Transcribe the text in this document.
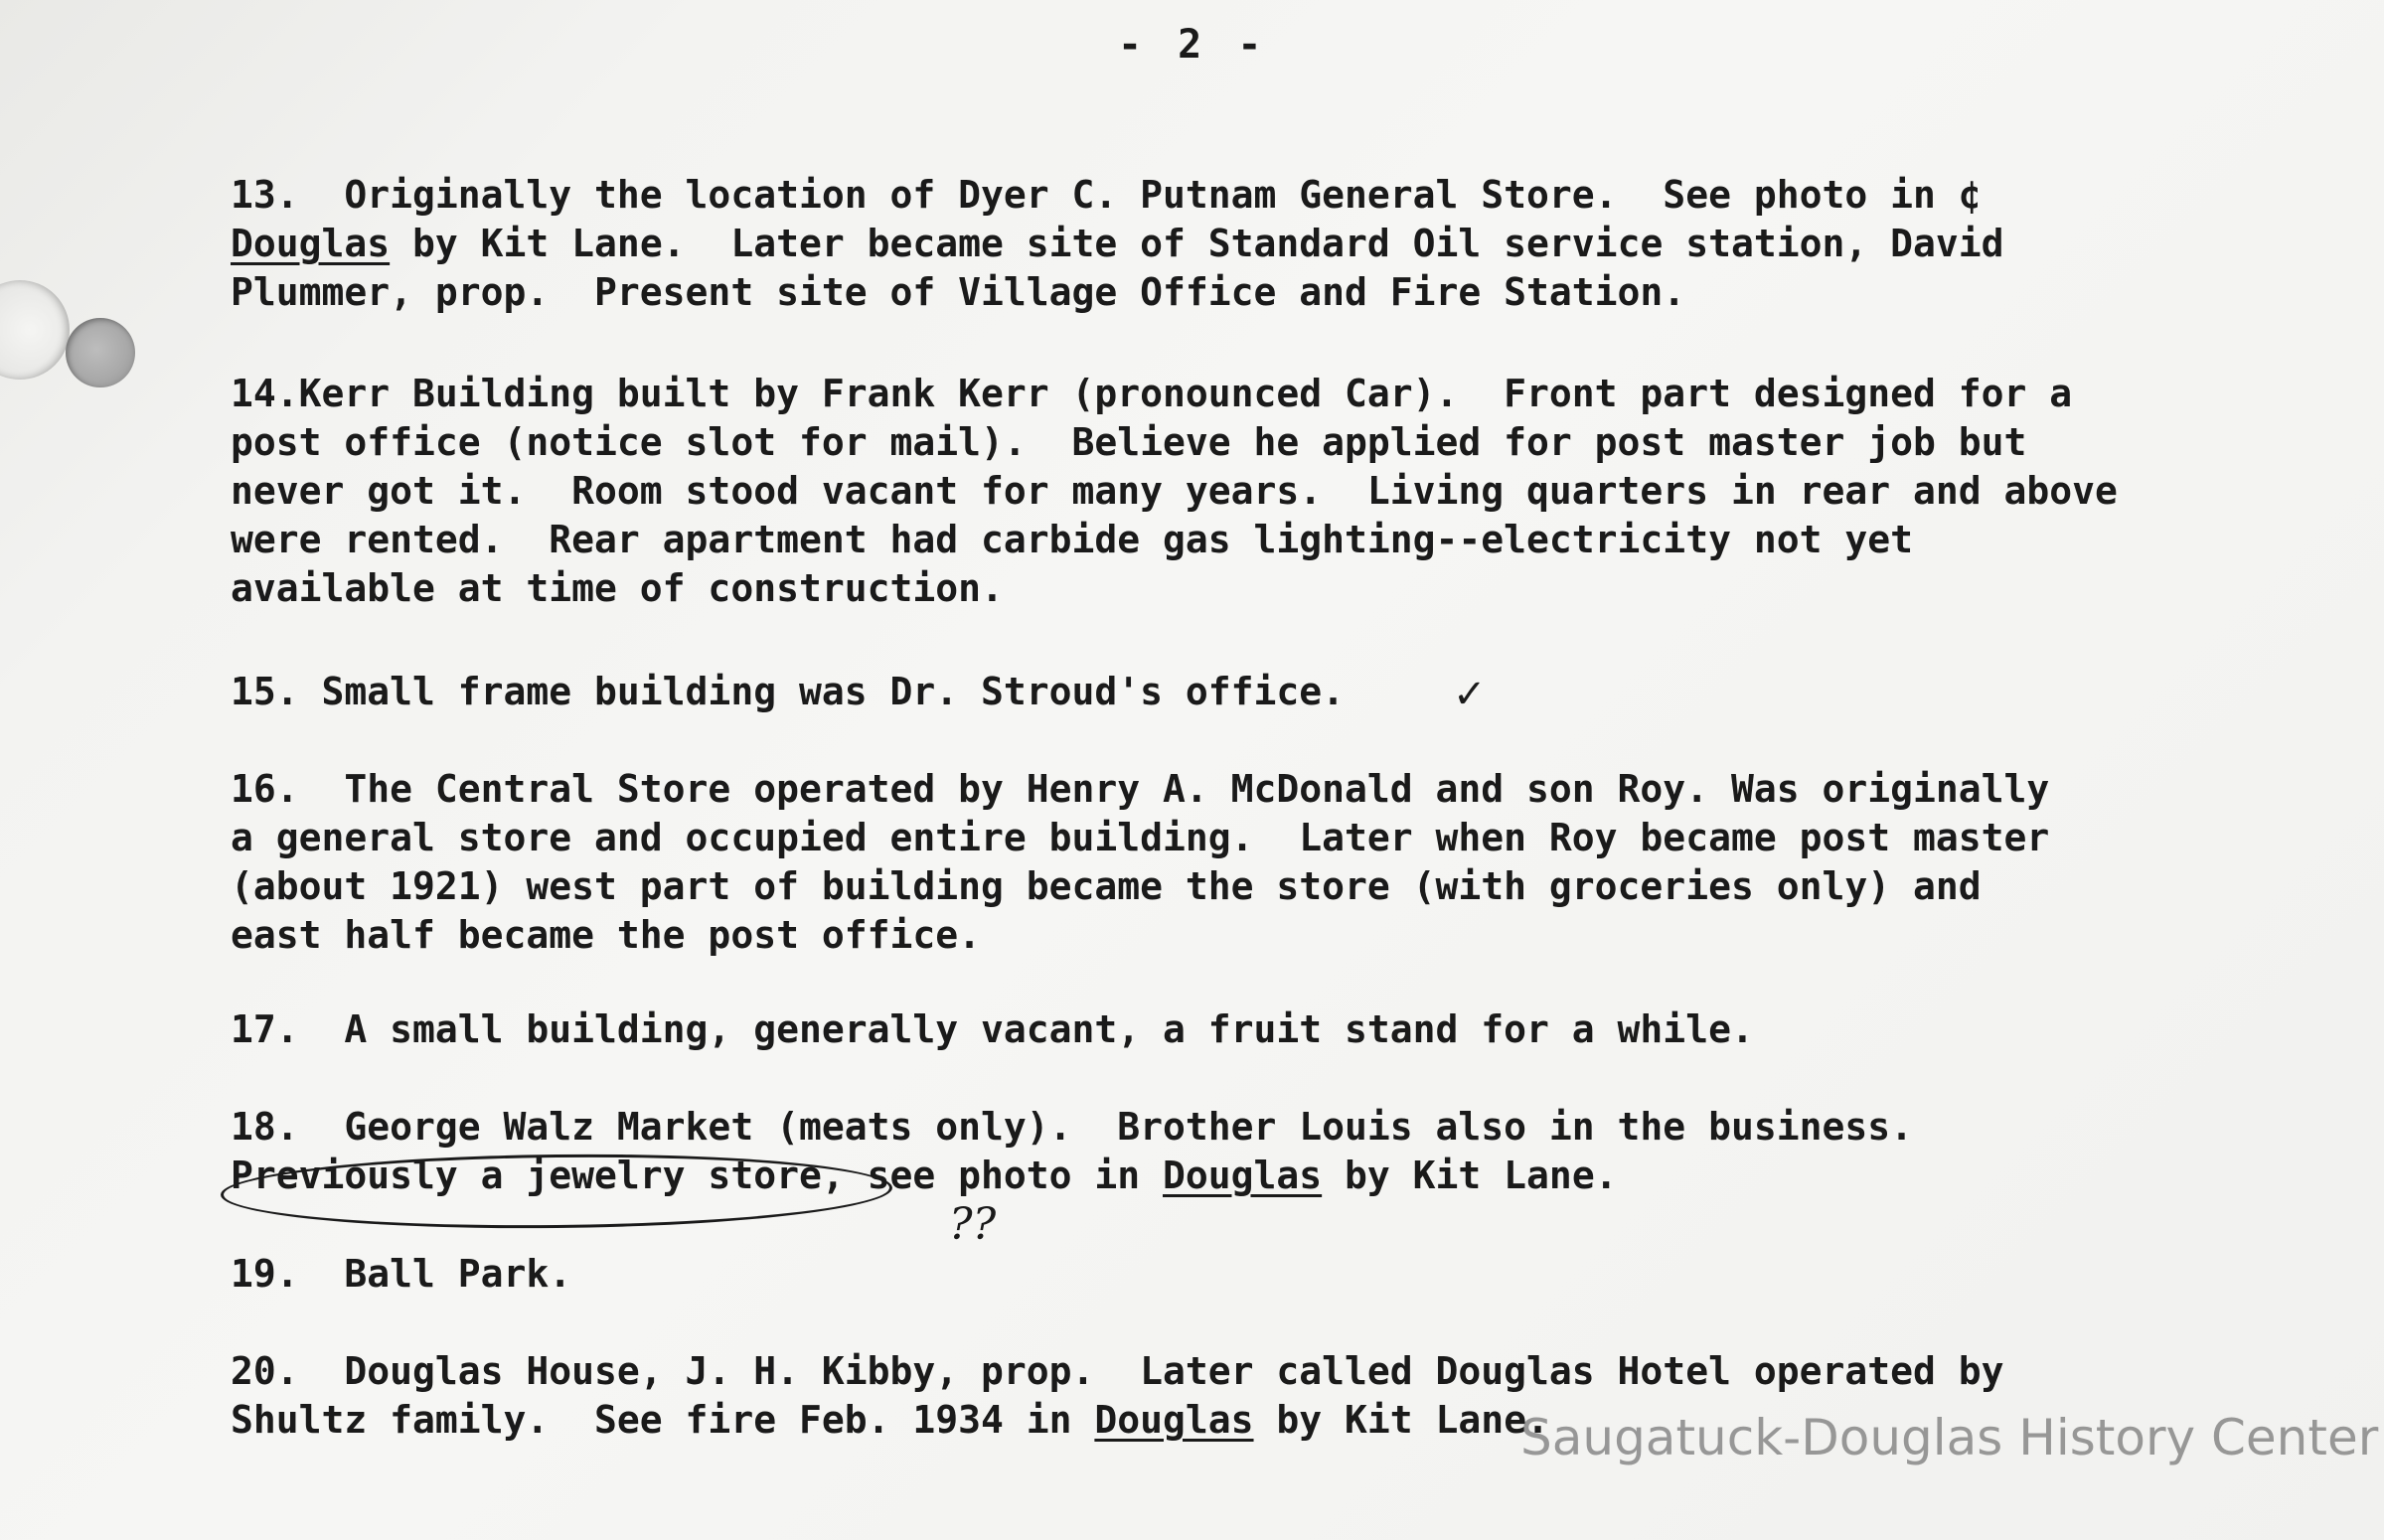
- 2 -
13.  Originally the location of Dyer C. Putnam General Store.  See photo in ¢
Douglas by Kit Lane.  Later became site of Standard Oil service station, David
Plummer, prop.  Present site of Village Office and Fire Station.
14.Kerr Building built by Frank Kerr (pronounced Car).  Front part designed for a
post office (notice slot for mail).  Believe he applied for post master job but
never got it.  Room stood vacant for many years.  Living quarters in rear and above
were rented.  Rear apartment had carbide gas lighting--electricity not yet
available at time of construction.
15. Small frame building was Dr. Stroud's office.
16.  The Central Store operated by Henry A. McDonald and son Roy. Was originally
a general store and occupied entire building.  Later when Roy became post master
(about 1921) west part of building became the store (with groceries only) and
east half became the post office.
17.  A small building, generally vacant, a fruit stand for a while.
18.  George Walz Market (meats only).  Brother Louis also in the business.
Previously a jewelry store, see photo in Douglas by Kit Lane.
19.  Ball Park.
20.  Douglas House, J. H. Kibby, prop.  Later called Douglas Hotel operated by
Shultz family.  See fire Feb. 1934 in Douglas by Kit Lane.
??
✓
Saugatuck-Douglas History Center
